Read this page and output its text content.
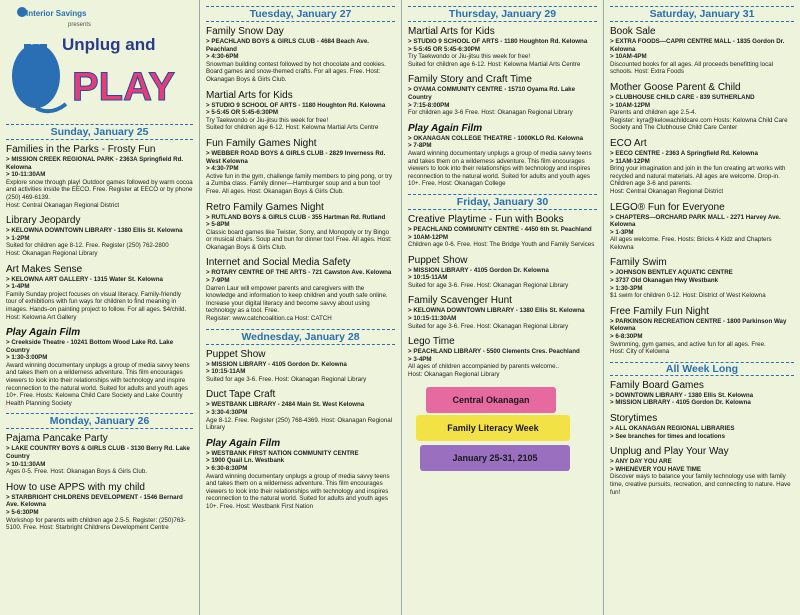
Interior Savings
presents
Unplug and
PLAY
Sunday, January 25
Families in the Parks - Frosty Fun
> MISSION CREEK REGIONAL PARK - 2363A Springfield Rd. Kelowna
> 10-11:30AM
Explore snow through play! Outdoor games followed by warm cocoa and activities inside the EECO. Free. Register at EECO or by phone (250) 469-6139.
Host: Central Okanagan Regional District
Library Jeopardy
> KELOWNA DOWNTOWN LIBRARY - 1380 Ellis St. Kelowna
> 1-2PM
Suited for children age 8-12. Free. Register (250) 762-2800
Host: Okanagan Regional Library
Art Makes Sense
> KELOWNA ART GALLERY - 1315 Water St. Kelowna
> 1-4PM
Family Sunday project focuses on visual literacy. Family-friendly tour of exhibitions with fun ways for children to find meaning in images. Hands-on painting project to follow. For all ages. $4/child.
Host: Kelowna Art Gallery
Play Again Film
> Creekside Theatre - 10241 Bottom Wood Lake Rd. Lake Country
> 1:30-3:00PM
Award winning documentary unplugs a group of media savvy teens and takes them on a wilderness adventure. This film encourages viewers to look into their relationships with technology and inspire reconnection to the natural world. Suited for adults and youth ages 10+. Free. Hosts: Kelowna Child Care Society and Lake Country Health Planning Society
Monday, January 26
Pajama Pancake Party
> LAKE COUNTRY BOYS & GIRLS CLUB - 3130 Berry Rd. Lake Country
> 10-11:30AM
Ages 0-5. Free. Host: Okanagan Boys & Girls Club.
How to use APPS with my child
> STARBRIGHT CHILDRENS DEVELOPMENT - 1546 Bernard Ave. Kelowna
> 5-6:30PM
Workshop for parents with children age 2.5-5. Register: (250)763-5100. Free. Host: Starbright Childrens Development Centre
Tuesday, January 27
Family Snow Day
> PEACHLAND BOYS & GIRLS CLUB - 4684 Beach Ave. Peachland
> 4:30-6PM
Snowman building contest followed by hot chocolate and cookies. Board games and snow-themed crafts. For all ages. Free. Host: Okanagan Boys & Girls Club.
Martial Arts for Kids
> STUDIO 9 SCHOOL OF ARTS - 1180 Houghton Rd. Kelowna
> 5-5:45 OR 5:45-6:30PM
Try Taekwondo or Jiu-jitsu this week for free!
Suited for children age 6-12. Host: Kelowna Martial Arts Centre
Fun Family Games Night
> WEBBER ROAD BOYS & GIRLS CLUB - 2829 Inverness Rd. West Kelowna
> 4:30-7PM
Active fun in the gym, challenge family members to ping pong, or try a Zumba class. Family dinner—Hamburger soup and a bun too! Free. All ages. Host: Okanagan Boys & Girls Club.
Retro Family Games Night
> RUTLAND BOYS & GIRLS CLUB - 355 Hartman Rd. Rutland
> 5-8PM
Classic board games like Twister, Sorry, and Monopoly or try Bingo or musical chairs. Soup and bun for dinner too! Free. All ages. Host: Okanagan Boys & Girls Club.
Internet and Social Media Safety
> ROTARY CENTRE OF THE ARTS - 721 Cawston Ave. Kelowna
> 7-9PM
Darren Laur will empower parents and caregivers with the knowledge and information to keep children and youth safe online. Increase your digital literacy and become savvy about using technology as a tool. Free.
Register: www.catchcoalition.ca Host: CATCH
Wednesday, January 28
Puppet Show
> MISSION LIBRARY - 4105 Gordon Dr. Kelowna
> 10:15-11AM
Suited for age 3-6. Free. Host: Okanagan Regional Library
Duct Tape Craft
> WESTBANK LIBRARY - 2484 Main St. West Kelowna
> 3:30-4:30PM
Age 8-12. Free. Register (250) 768-4369. Host: Okanagan Regional Library
Play Again Film
> WESTBANK FIRST NATION COMMUNITY CENTRE
> 1900 Quail Ln. Westbank
> 6:30-8:30PM
Award winning documentary unplugs a group of media savvy teens and takes them on a wilderness adventure. This film encourages viewers to look into their relationships with technology and inspires reconnection to the natural world. Suited for adults and youth ages 10+. Free. Host: Westbank First Nation
Thursday, January 29
Martial Arts for Kids
> STUDIO 9 SCHOOL OF ARTS - 1180 Houghton Rd. Kelowna
> 5-5:45 OR 5:45-6:30PM
Try Taekwondo or Jiu-jitsu this week for free!
Suited for children age 6-12. Host: Kelowna Martial Arts Centre
Family Story and Craft Time
> OYAMA COMMUNITY CENTRE - 15710 Oyama Rd. Lake Country
> 7:15-8:00PM
For children age 3-6 Free. Host: Okanagan Regional Library
Play Again Film
> OKANAGAN COLLEGE THEATRE - 1000KLO Rd. Kelowna
> 7-8PM
Award winning documentary unplugs a group of media savvy teens and takes them on a wilderness adventure. This film encourages viewers to look into their relationships with technology and inspires reconnection to the natural world. Suited for adults and youth ages 10+. Free. Host: Okanagan College
Friday, January 30
Creative Playtime - Fun with Books
> PEACHLAND COMMUNITY CENTRE - 4450 6th St. Peachland
> 10AM-12PM
Children age 0-6. Free. Host: The Bridge Youth and Family Services
Puppet Show
> MISSION LIBRARY - 4105 Gordon Dr. Kelowna
> 10:15-11AM
Suited for age 3-6. Free. Host: Okanagan Regional Library
Family Scavenger Hunt
> KELOWNA DOWNTOWN LIBRARY - 1380 Ellis St. Kelowna
> 10:15-11:30AM
Suited for age 3-6. Free. Host: Okanagan Regional Library
Lego Time
> PEACHLAND LIBRARY - 5500 Clements Cres. Peachland
> 3-4PM
All ages of children accompanied by parents welcome..
Host: Okanagan Regional Library
Central Okanagan
Family Literacy Week
January 25-31, 2105
Saturday, January 31
Book Sale
> EXTRA FOODS—CAPRI CENTRE MALL - 1835 Gordon Dr. Kelowna
> 10AM-4PM
Discounted books for all ages. All proceeds benefitting local schools. Host: Extra Foods
Mother Goose Parent & Child
> CLUBHOUSE CHILD CARE - 839 SUTHERLAND
> 10AM-12PM
Parents and children age 2.5-4.
Register: kyra@kelowachildcare.com Hosts: Kelowna Child Care Society and The Clubhouse Child Care Center
ECO Art
> EECO CENTRE - 2363 A Springfield Rd. Kelowna
> 11AM-12PM
Bring your imagination and join in the fun creating art works with recycled and natural materials. All ages are welcome. Drop-in. Children age 3-6 and parents.
Host: Central Okanagan Regional District
LEGO® Fun for Everyone
> CHAPTERS—ORCHARD PARK MALL - 2271 Harvey Ave. Kelowna
> 1-3PM
All ages welcome. Free. Hosts: Bricks 4 Kidz and Chapters Kelowna
Family Swim
> JOHNSON BENTLEY AQUATIC CENTRE
> 3737 Old Okanagan Hwy Westbank
> 1:30-3PM
$1 swim for children 0-12. Host: District of West Kelowna
Free Family Fun Night
> PARKINSON RECREATION CENTRE - 1800 Parkinson Way Kelowna
> 6-8:30PM
Swimming, gym games, and active fun for all ages. Free.
Host: City of Kelowna
All Week Long
Family Board Games
> DOWNTOWN LIBRARY - 1380 Ellis St. Kelowna
> MISSION LIBRARY - 4105 Gordon Dr. Kelowna
Storytimes
> ALL OKANAGAN REGIONAL LIBRARIES
> See branches for times and locations
Unplug and Play Your Way
> ANY DAY YOU ARE
> WHENEVER YOU HAVE TIME
Discover ways to balance your family technology use with family time, creative pursuits, recreation, and connecting to nature. Have fun!
